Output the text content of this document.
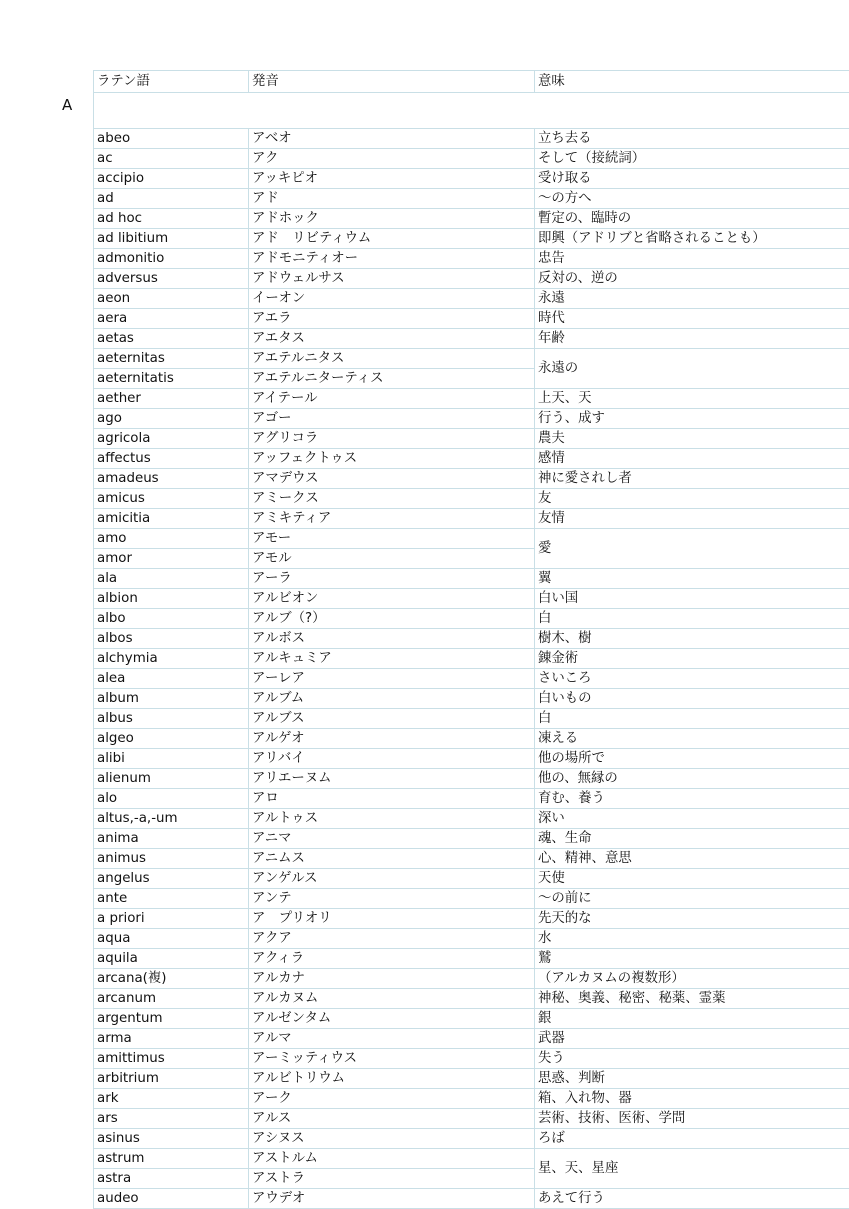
A
ラテン語	発音	意味

abeo	アベオ	立ち去る
ac	アク	そして（接続詞）
accipio	アッキピオ	受け取る
ad	アド	～の方へ
ad hoc	アドホック	暫定の、臨時の
ad libitium	アド　リビティウム	即興（アドリブと省略されることも）
admonitio	アドモニティオー	忠告
adversus	アドウェルサス	反対の、逆の
aeon	イーオン	永遠
aera	アエラ	時代
aetas	アエタス	年齢
aeternitas	アエテルニタス	永遠の
aeternitatis	アエテルニターティス	
aether	アイテール	上天、天
ago	アゴー	行う、成す
agricola	アグリコラ	農夫
affectus	アッフェクトゥス	感情
amadeus	アマデウス	神に愛されし者
amicus	アミークス	友
amicitia	アミキティア	友情
amo	アモー	愛
amor	アモル	
ala	アーラ	翼
albion	アルビオン	白い国
albo	アルブ（?）	白
albos	アルボス	樹木、樹
alchymia	アルキュミア	錬金術
alea	アーレア	さいころ
album	アルブム	白いもの
albus	アルブス	白
algeo	アルゲオ	凍える
alibi	アリバイ	他の場所で
alienum	アリエーヌム	他の、無縁の
alo	アロ	育む、養う
altus,-a,-um	アルトゥス	深い
anima	アニマ	魂、生命
animus	アニムス	心、精神、意思
angelus	アンゲルス	天使
ante	アンテ	～の前に
a priori	ア　プリオリ	先天的な
aqua	アクア	水
aquila	アクィラ	鷲
arcana(複)	アルカナ	（アルカヌムの複数形）
arcanum	アルカヌム	神秘、奥義、秘密、秘薬、霊薬
argentum	アルゼンタム	銀
arma	アルマ	武器
amittimus	アーミッティウス	失う
arbitrium	アルビトリウム	思惑、判断
ark	アーク	箱、入れ物、器
ars	アルス	芸術、技術、医術、学問
asinus	アシヌス	ろば
astrum	アストルム	星、天、星座
astra	アストラ	
audeo	アウデオ	あえて行う
